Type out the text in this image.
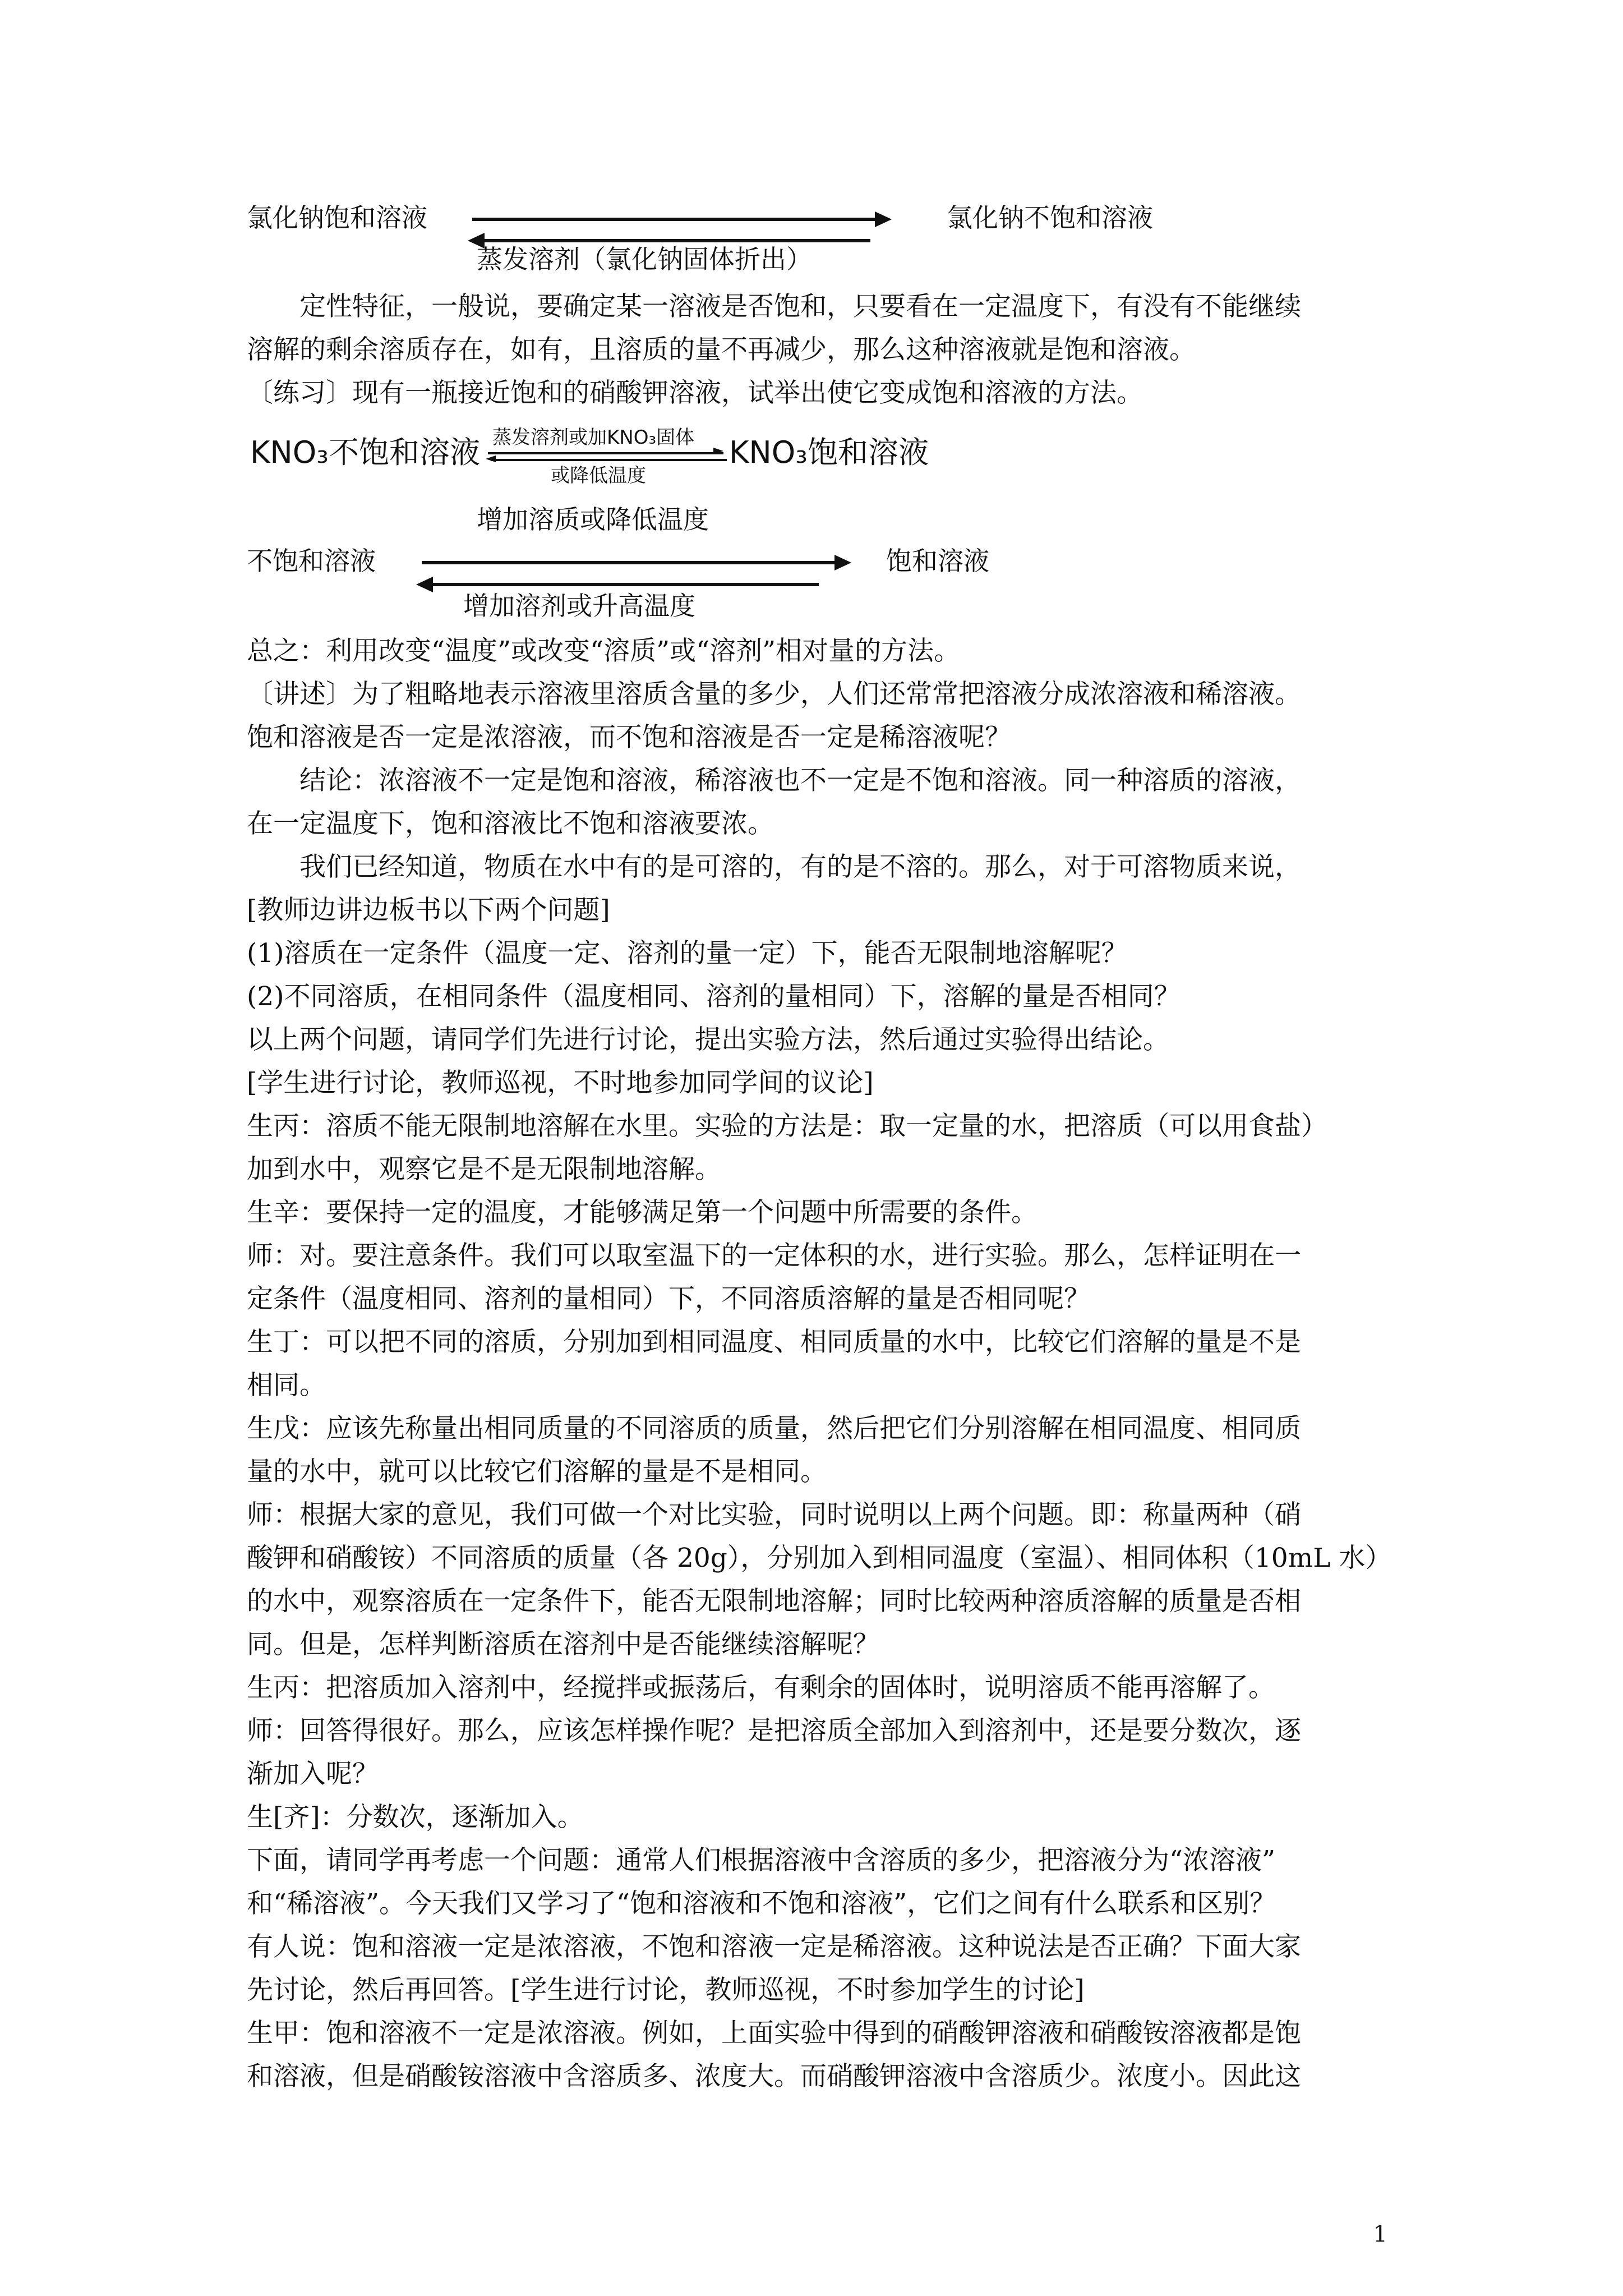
氯化钠饱和溶液	氯化钠不饱和溶液
蒸发溶剂（氯化钠固体折出）
定性特征，一般说，要确定某一溶液是否饱和，只要看在一定温度下，有没有不能继续
溶解的剩余溶质存在，如有，且溶质的量不再减少，那么这种溶液就是饱和溶液。
〔练习〕现有一瓶接近饱和的硝酸钾溶液，试举出使它变成饱和溶液的方法。
KNO₃不饱和溶液 蒸发溶剂或加KNO₃固体
或降低温度
KNO₃饱和溶液
增加溶质或降低温度
不饱和溶液	饱和溶液
增加溶剂或升高温度
总之：利用改变“温度”或改变“溶质”或“溶剂”相对量的方法。
〔讲述〕为了粗略地表示溶液里溶质含量的多少，人们还常常把溶液分成浓溶液和稀溶液。
饱和溶液是否一定是浓溶液，而不饱和溶液是否一定是稀溶液呢？
结论：浓溶液不一定是饱和溶液，稀溶液也不一定是不饱和溶液。同一种溶质的溶液，
在一定温度下，饱和溶液比不饱和溶液要浓。
我们已经知道，物质在水中有的是可溶的，有的是不溶的。那么，对于可溶物质来说，
[教师边讲边板书以下两个问题]
(1)溶质在一定条件（温度一定、溶剂的量一定）下，能否无限制地溶解呢？
(2)不同溶质，在相同条件（温度相同、溶剂的量相同）下，溶解的量是否相同？
以上两个问题，请同学们先进行讨论，提出实验方法，然后通过实验得出结论。
[学生进行讨论，教师巡视，不时地参加同学间的议论]
生丙：溶质不能无限制地溶解在水里。实验的方法是：取一定量的水，把溶质（可以用食盐）
加到水中，观察它是不是无限制地溶解。
生辛：要保持一定的温度，才能够满足第一个问题中所需要的条件。
师：对。要注意条件。我们可以取室温下的一定体积的水，进行实验。那么，怎样证明在一
定条件（温度相同、溶剂的量相同）下，不同溶质溶解的量是否相同呢？
生丁：可以把不同的溶质，分别加到相同温度、相同质量的水中，比较它们溶解的量是不是
相同。
生戊：应该先称量出相同质量的不同溶质的质量，然后把它们分别溶解在相同温度、相同质
量的水中，就可以比较它们溶解的量是不是相同。
师：根据大家的意见，我们可做一个对比实验，同时说明以上两个问题。即：称量两种（硝
酸钾和硝酸铵）不同溶质的质量（各 20g），分别加入到相同温度（室温）、相同体积（10mL 水）
的水中，观察溶质在一定条件下，能否无限制地溶解；同时比较两种溶质溶解的质量是否相
同。但是，怎样判断溶质在溶剂中是否能继续溶解呢？
生丙：把溶质加入溶剂中，经搅拌或振荡后，有剩余的固体时，说明溶质不能再溶解了。
师：回答得很好。那么，应该怎样操作呢？是把溶质全部加入到溶剂中，还是要分数次，逐
渐加入呢？
生[齐]：分数次，逐渐加入。
下面，请同学再考虑一个问题：通常人们根据溶液中含溶质的多少，把溶液分为“浓溶液”
和“稀溶液”。今天我们又学习了“饱和溶液和不饱和溶液”，它们之间有什么联系和区别？
有人说：饱和溶液一定是浓溶液，不饱和溶液一定是稀溶液。这种说法是否正确？下面大家
先讨论，然后再回答。[学生进行讨论，教师巡视，不时参加学生的讨论]
生甲：饱和溶液不一定是浓溶液。例如，上面实验中得到的硝酸钾溶液和硝酸铵溶液都是饱
和溶液，但是硝酸铵溶液中含溶质多、浓度大。而硝酸钾溶液中含溶质少。浓度小。因此这
1
